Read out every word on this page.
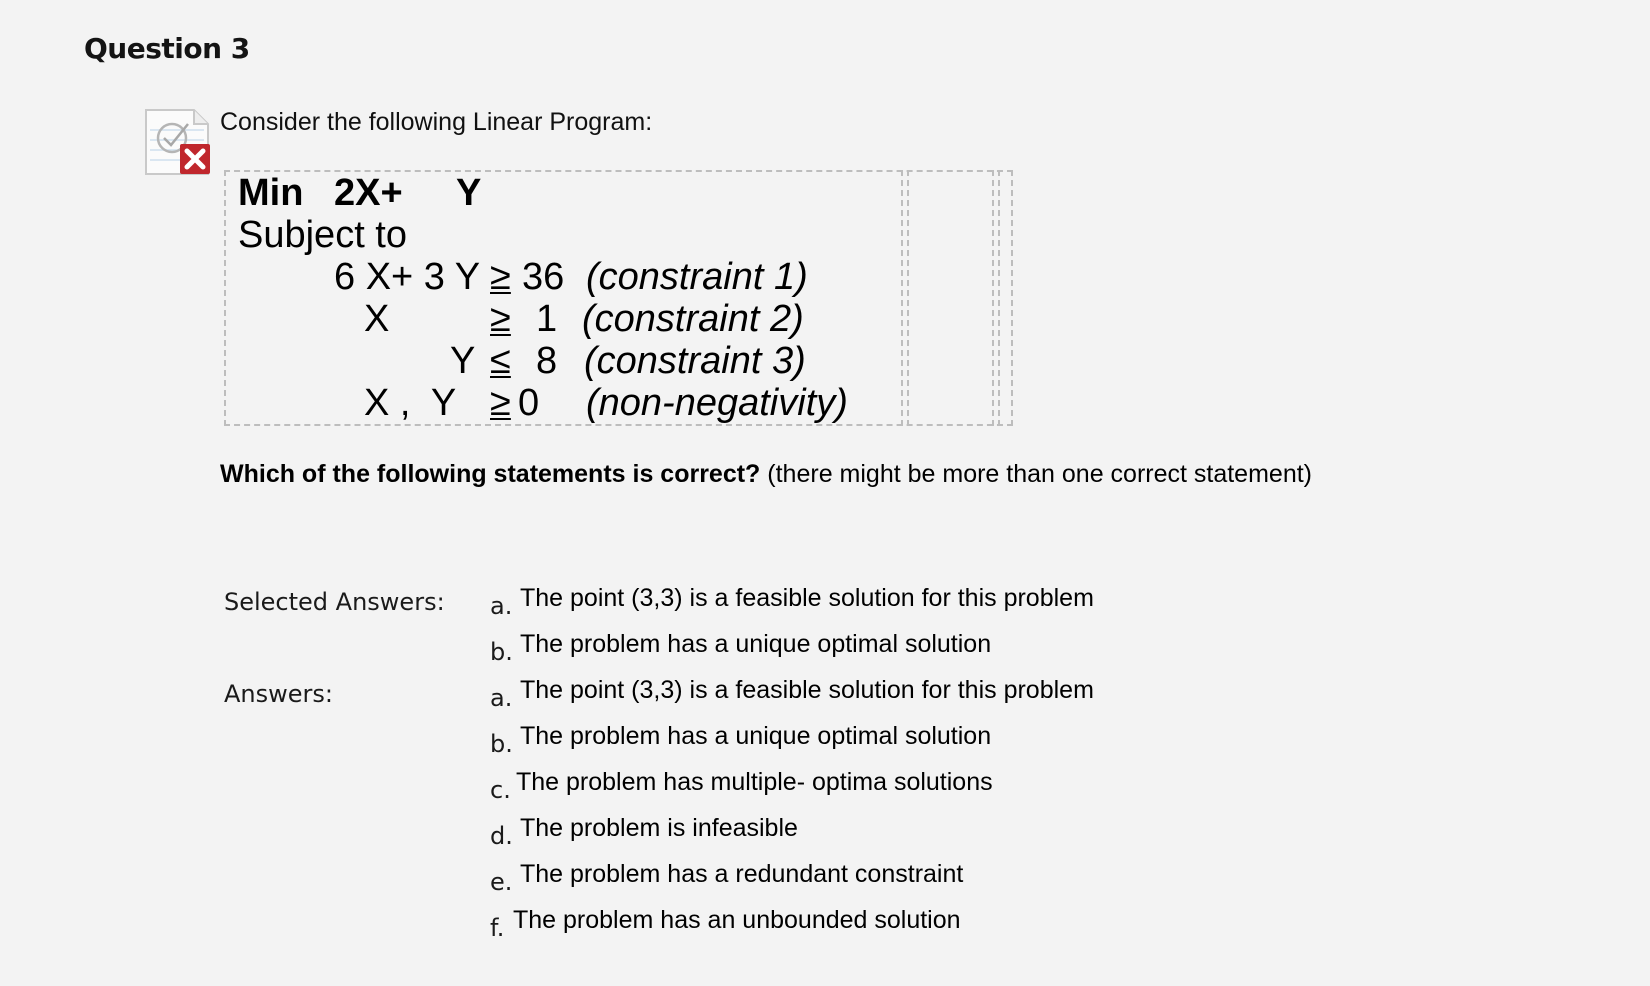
Question 3
Consider the following Linear Program:
Min 2X+ Y
Subject to
6 X+ 3 Y ≥ 36 (constraint 1)
X	≥ 1 (constraint 2)
Y ≤ 8 (constraint 3)
X ,  Y ≥ 0 (non-negativity)
Which of the following statements is correct? (there might be more than one correct statement)
Selected Answers: a. The point (3,3) is a feasible solution for this problem
b. The problem has a unique optimal solution
Answers:	a. The point (3,3) is a feasible solution for this problem
b. The problem has a unique optimal solution
c. The problem has multiple- optima solutions
d. The problem is infeasible
e. The problem has a redundant constraint
f. The problem has an unbounded solution
